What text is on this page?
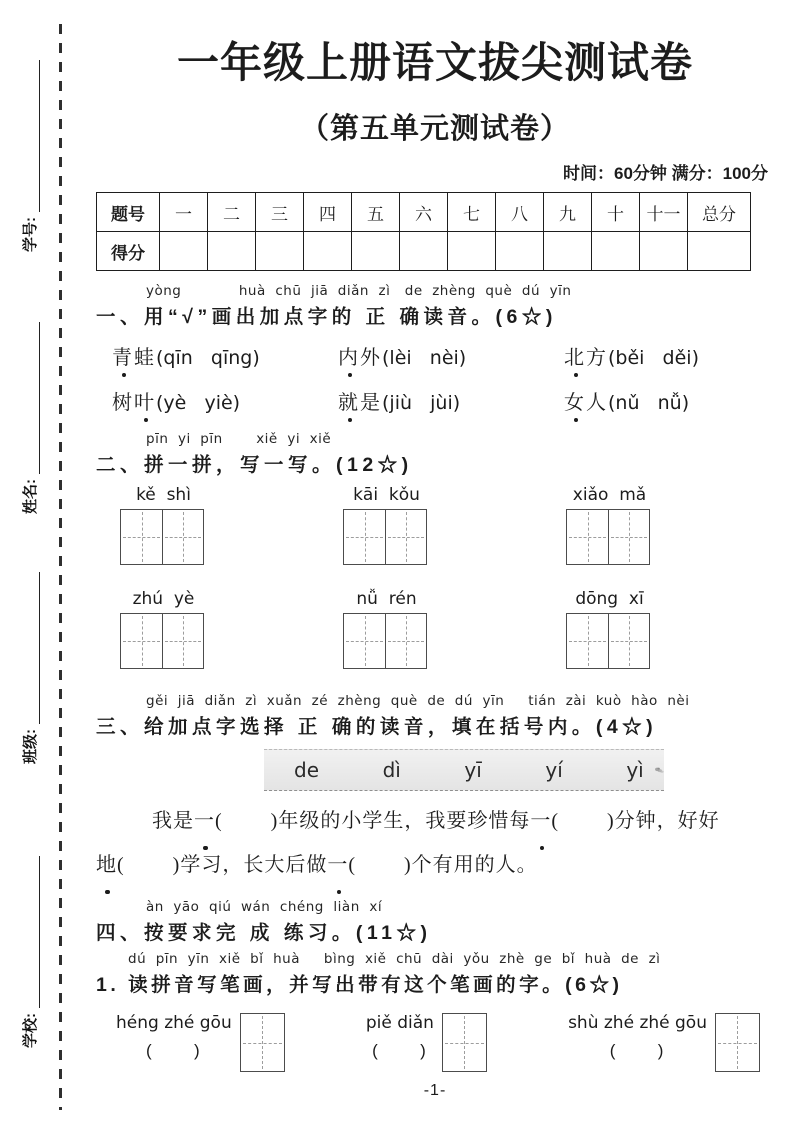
学号:
姓名:
班级:
学校:
一年级上册语文拔尖测试卷
（第五单元测试卷）
时间：60分钟 满分：100分
题号	一	二	三	四	五	六	七	八	九	十	十一	总分
得分												
yòng            huà  chū  jiā  diǎn  zì   de  zhèng  què  dú  yīn
一、用“√”画出加点字的 正 确读音。(6☆)
青蛙(qīn   qīng)	内外(lèi   nèi)	北方(běi   děi)
树叶(yè   yiè)	就是(jiù   jùi)	女人(nǔ   nǚ)
pīn  yi  pīn       xiě  yi  xiě
二、拼一拼，写一写。(12☆)
kě  shì	kāi  kǒu	xiǎo  mǎ
zhú  yè	nǚ  rén	dōng  xī
gěi  jiā  diǎn  zì  xuǎn  zé  zhèng  què  de  dú  yīn     tián  zài  kuò  hào  nèi
三、给加点字选择 正 确的读音，填在括号内。(4☆)
de          dì          yī          yí          yì
我是一(        )年级的小学生，我要珍惜每一(        )分钟，好好
地(        )学习，长大后做一(        )个有用的人。
àn  yāo  qiú  wán  chéng  liàn  xí
四、按要求完 成 练习。(11☆)
dú  pīn  yīn  xiě  bǐ  huà     bìng  xiě  chū  dài  yǒu  zhè  ge  bǐ  huà  de  zì
1. 读拼音写笔画，并写出带有这个笔画的字。(6☆)
héng zhé gōu
(      )
piě diǎn
(      )
shù zhé zhé gōu
(      )
-1-
